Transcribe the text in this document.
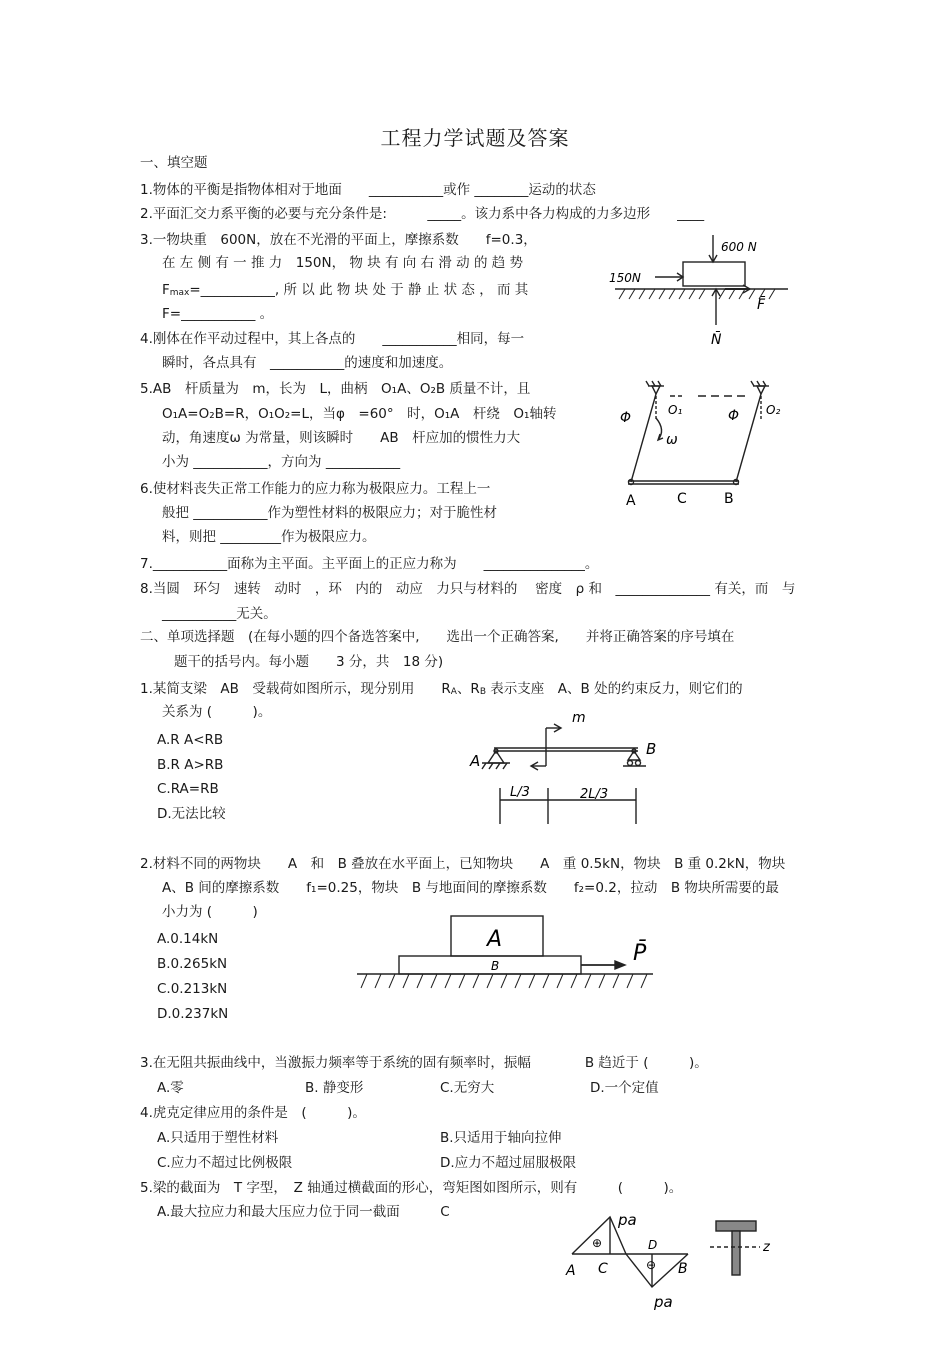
工程力学试题及答案
一、填空题
1.物体的平衡是指物体相对于地面　　___________或作 ________运动的状态
2.平面汇交力系平衡的必要与充分条件是:　　　_____。该力系中各力构成的力多边形　　____
3.一物块重　600N，放在不光滑的平面上，摩擦系数　　f=0.3，
在 左 侧 有 一 推 力　150N， 物 块 有 向 右 滑 动 的 趋 势
$F_{max}=\_\_\_\_\_\_\_\_\_\_\_$, 所 以 此 物 块 处 于 静 止 状 态 ， 而 其
F=___________ 。
4.刚体在作平动过程中，其上各点的　　___________相同，每一
瞬时，各点具有　___________的速度和加速度。
5.AB　杆质量为　m，长为　L，曲柄　O₁A、O₂B 质量不计，且
O₁A=O₂B=R，O₁O₂=L，当φ　=60°　时，O₁A　杆绕　O₁轴转
动，角速度ω 为常量，则该瞬时　　AB　杆应加的惯性力大
小为 ___________，方向为 ___________
6.使材料丧失正常工作能力的应力称为极限应力。工程上一
般把 ___________作为塑性材料的极限应力；对于脆性材
料，则把 _________作为极限应力。
7.___________面称为主平面。主平面上的正应力称为　　_______________。
8.当圆　环匀　速转　动时　，环　内的　动应　力只与材料的　 密度　ρ 和　______________ 有关，而　与
___________无关。
二、单项选择题　(在每小题的四个备选答案中,　　选出一个正确答案,　　并将正确答案的序号填在
题干的括号内。每小题　　3 分，共　18 分)
1.某简支梁　AB　受载荷如图所示，现分别用　　$R_A$、$R_B$ 表示支座　A、B 处的约束反力，则它们的
关系为 (　　　)。
A.R A<RB
B.R A>RB
C.RA=RB
D.无法比较
2.材料不同的两物块　　A　和　B 叠放在水平面上，已知物块　　A　重 0.5kN，物块　B 重 0.2kN，物块
A、B 间的摩擦系数　　f₁=0.25，物块　B 与地面间的摩擦系数　　f₂=0.2，拉动　B 物块所需要的最
小力为 (　　　)
A.0.14kN
B.0.265kN
C.0.213kN
D.0.237kN
3.在无阻共振曲线中，当激振力频率等于系统的固有频率时，振幅　　　　B 趋近于 (　　　)。
A.零	B. 静变形	C.无穷大	D.一个定值
4.虎克定律应用的条件是　(　　　)。
A.只适用于塑性材料	B.只适用于轴向拉伸
C.应力不超过比例极限	D.应力不超过屈服极限
5.梁的截面为　T 字型，　Z 轴通过横截面的形心，弯矩图如图所示，则有　　　(　　　)。
A.最大拉应力和最大压应力位于同一截面　　　C
600 N
150N
F̄
N̄
Φ	O₁	Φ O₂
ω
A	C	B
m
A
B
L/3	2L/3
A
B	P̄
pa
⊕
⊖
D
A C	B
pa
z
